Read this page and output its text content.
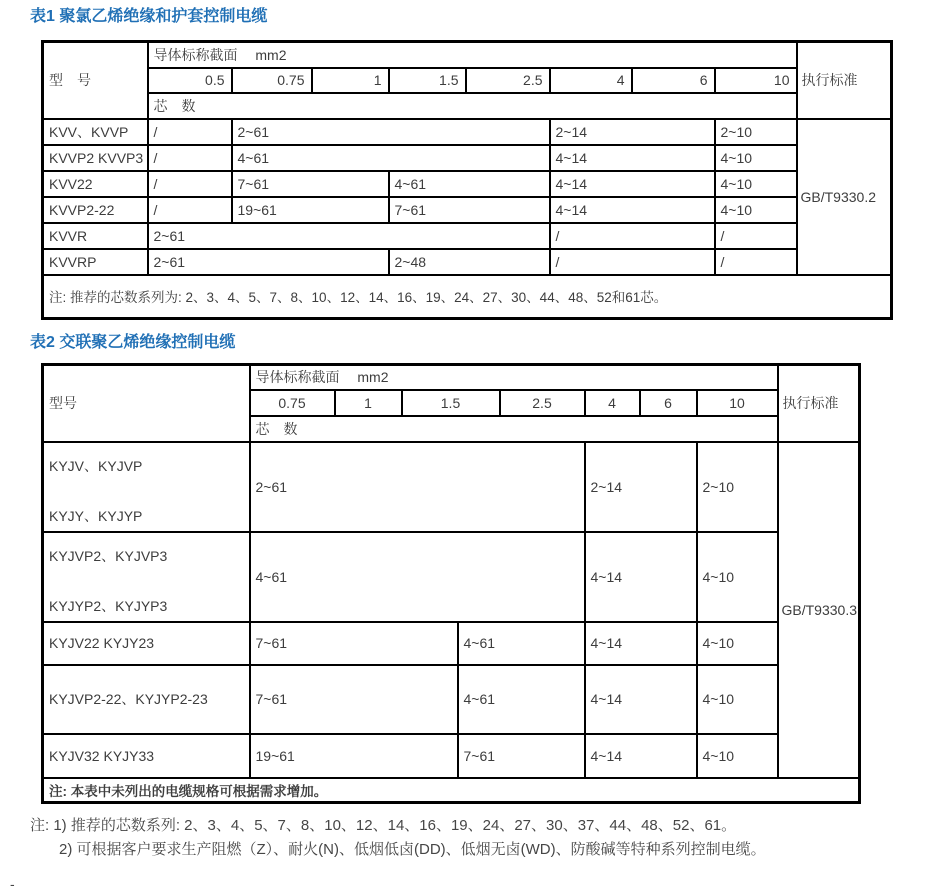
表1 聚氯乙烯绝缘和护套控制电缆
型　号	导体标称截面　 mm2								执行标准
	0.5	0.75	1	1.5	2.5	4	6	10	
	芯　数								
KVV、KVVP	/	2~61				2~14		2~10	GB/T9330.2
KVVP2 KVVP3	/	4~61				4~14		4~10	
KVV22	/	7~61		4~61		4~14		4~10	
KVVP2-22	/	19~61		7~61		4~14		4~10	
KVVR	2~61					/		/	
KVVRP	2~61			2~48		/		/	
注: 推荐的芯数系列为: 2、3、4、5、7、8、10、12、14、16、19、24、27、30、44、48、52和61芯。									
表2 交联聚乙烯绝缘控制电缆
型号	导体标称截面　 mm2								执行标准
	0.75	1	1.5		2.5	4	6	10	
	芯　数								

KYJV、KYJVP
KYJY、KYJYP	2~61					2~14		2~10	GB/T9330.3

KYJVP2、KYJVP3
KYJYP2、KYJYP3	4~61					4~14		4~10	
KYJV22 KYJY23	7~61			4~61		4~14		4~10	
KYJVP2-22、KYJYP2-23	7~61			4~61		4~14		4~10	
KYJV32 KYJY33	19~61			7~61		4~14		4~10	
注: 本表中未列出的电缆规格可根据需求增加。									
注: 1) 推荐的芯数系列: 2、3、4、5、7、8、10、12、14、16、19、24、27、30、37、44、48、52、61。
2) 可根据客户要求生产阻燃（Z）、耐火(N)、低烟低卤(DD)、低烟无卤(WD)、防酸碱等特种系列控制电缆。
-
